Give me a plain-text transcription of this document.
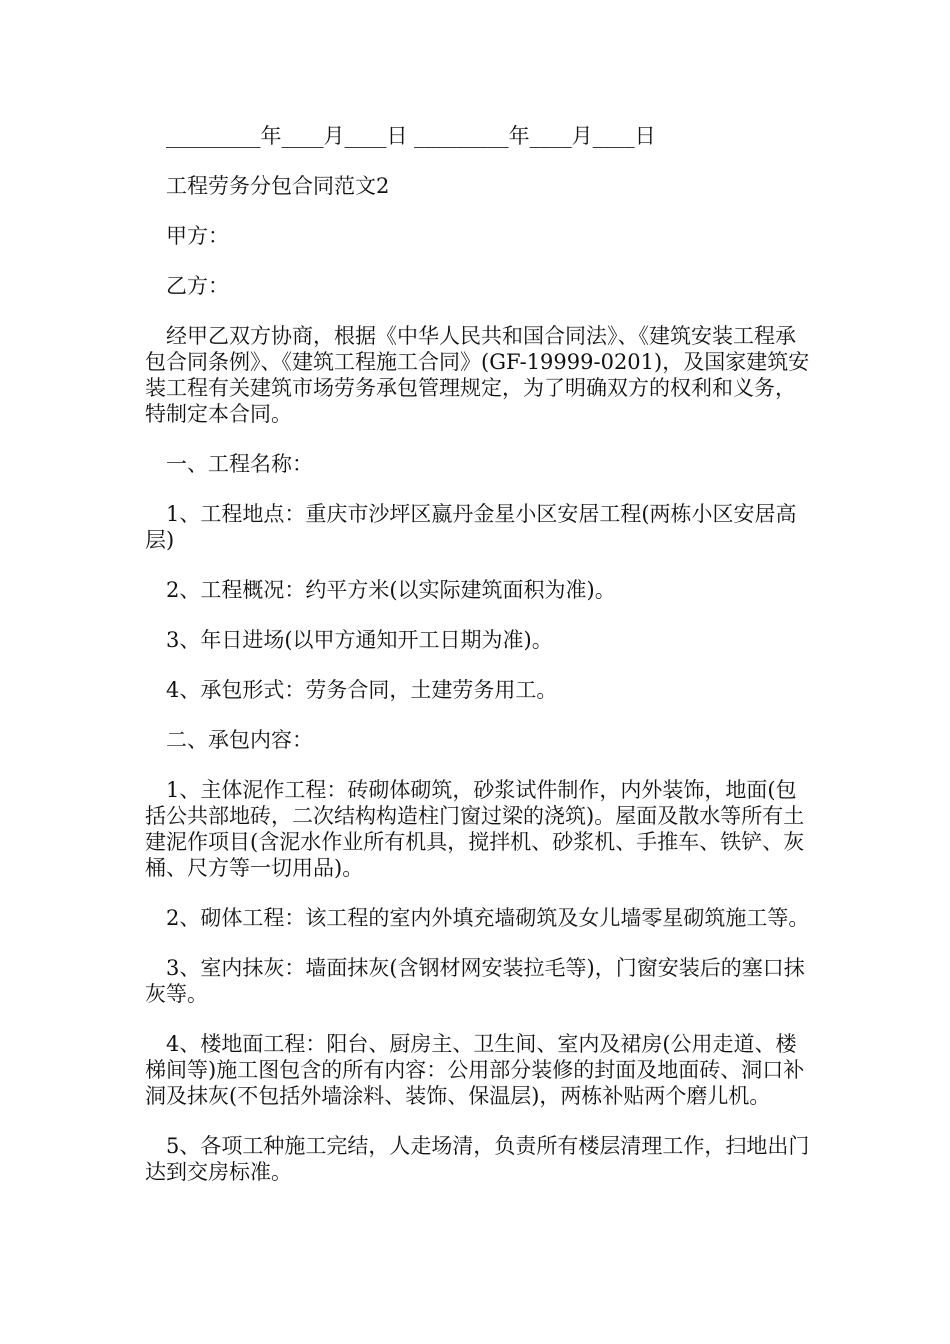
_________年____月____日 _________年____月____日

工程劳务分包合同范文2

甲方：

乙方：

经甲乙双方协商，根据《中华人民共和国合同法》、《建筑安装工程承包合同条例》、《建筑工程施工合同》(GF-19999-0201)，及国家建筑安装工程有关建筑市场劳务承包管理规定，为了明确双方的权利和义务，特制定本合同。

一、工程名称：

1、工程地点：重庆市沙坪区嬴丹金星小区安居工程(两栋小区安居高层)

2、工程概况：约平方米(以实际建筑面积为准)。

3、年日进场(以甲方通知开工日期为准)。

4、承包形式：劳务合同，土建劳务用工。

二、承包内容：

1、主体泥作工程：砖砌体砌筑，砂浆试件制作，内外装饰，地面(包括公共部地砖，二次结构构造柱门窗过梁的浇筑)。屋面及散水等所有土建泥作项目(含泥水作业所有机具，搅拌机、砂浆机、手推车、铁铲、灰桶、尺方等一切用品)。

2、砌体工程：该工程的室内外填充墙砌筑及女儿墙零星砌筑施工等。

3、室内抹灰：墙面抹灰(含钢材网安装拉毛等)，门窗安装后的塞口抹灰等。

4、楼地面工程：阳台、厨房主、卫生间、室内及裙房(公用走道、楼梯间等)施工图包含的所有内容：公用部分装修的封面及地面砖、洞口补洞及抹灰(不包括外墙涂料、装饰、保温层)，两栋补贴两个磨儿机。

5、各项工种施工完结，人走场清，负责所有楼层清理工作，扫地出门达到交房标准。
